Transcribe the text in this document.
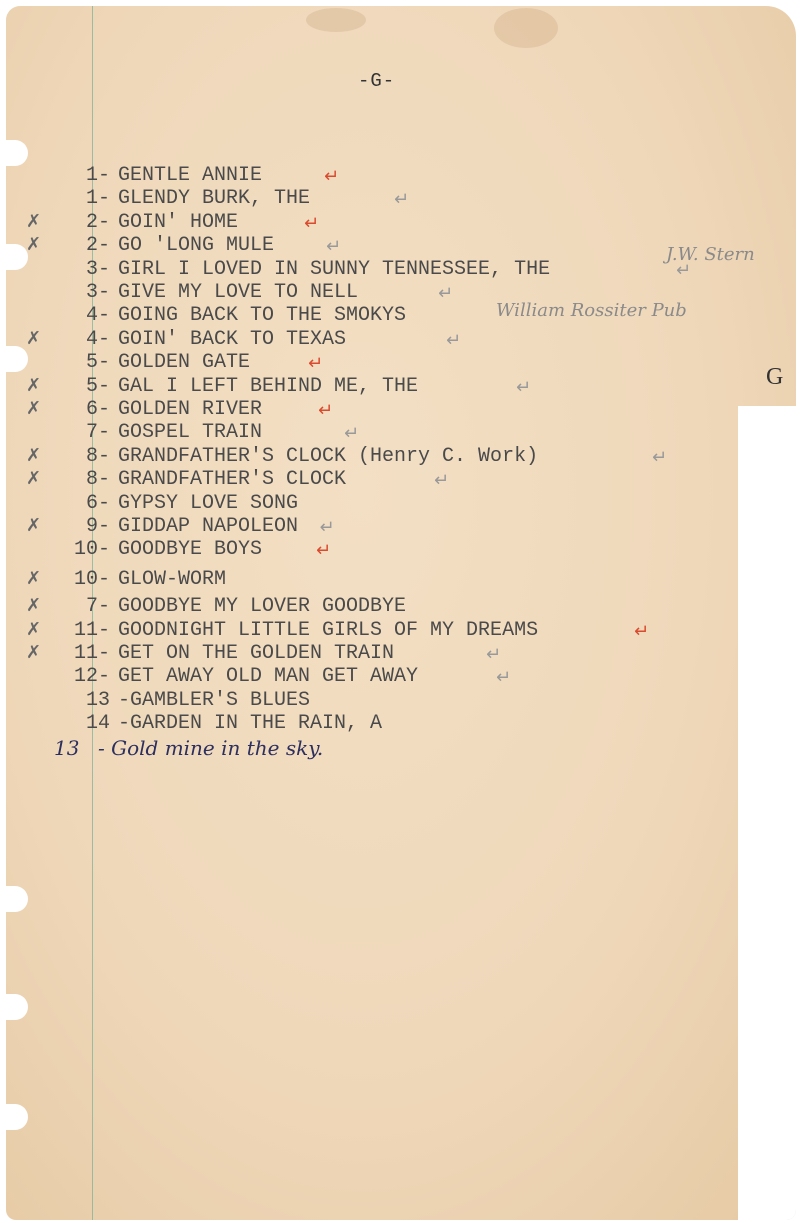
-G-
1- GENTLE ANNIE	↵
1- GLENDY BURK, THE	↵
✗	2- GOIN' HOME	↵
✗	2- GO 'LONG MULE	↵
3- GIRL I LOVED IN SUNNY TENNESSEE, THE	↵
3- GIVE MY LOVE TO NELL	↵
4- GOING BACK TO THE SMOKYS
✗	4- GOIN' BACK TO TEXAS	↵
5- GOLDEN GATE	↵
✗	5- GAL I LEFT BEHIND ME, THE	↵
✗	6- GOLDEN RIVER	↵
7- GOSPEL TRAIN	↵
✗	8- GRANDFATHER'S CLOCK (Henry C. Work)	↵
✗	8- GRANDFATHER'S CLOCK	↵
6- GYPSY LOVE SONG
✗	9- GIDDAP NAPOLEON ↵
10- GOODBYE BOYS	↵
✗	10- GLOW-WORM
✗	7- GOODBYE MY LOVER GOODBYE
✗	11- GOODNIGHT LITTLE GIRLS OF MY DREAMS	↵
✗	11- GET ON THE GOLDEN TRAIN	↵
12- GET AWAY OLD MAN GET AWAY	↵
13 -GAMBLER'S BLUES
14 -GARDEN IN THE RAIN, A
J.W. Stern
William Rossiter Pub
13 - Gold mine in the sky.
G
